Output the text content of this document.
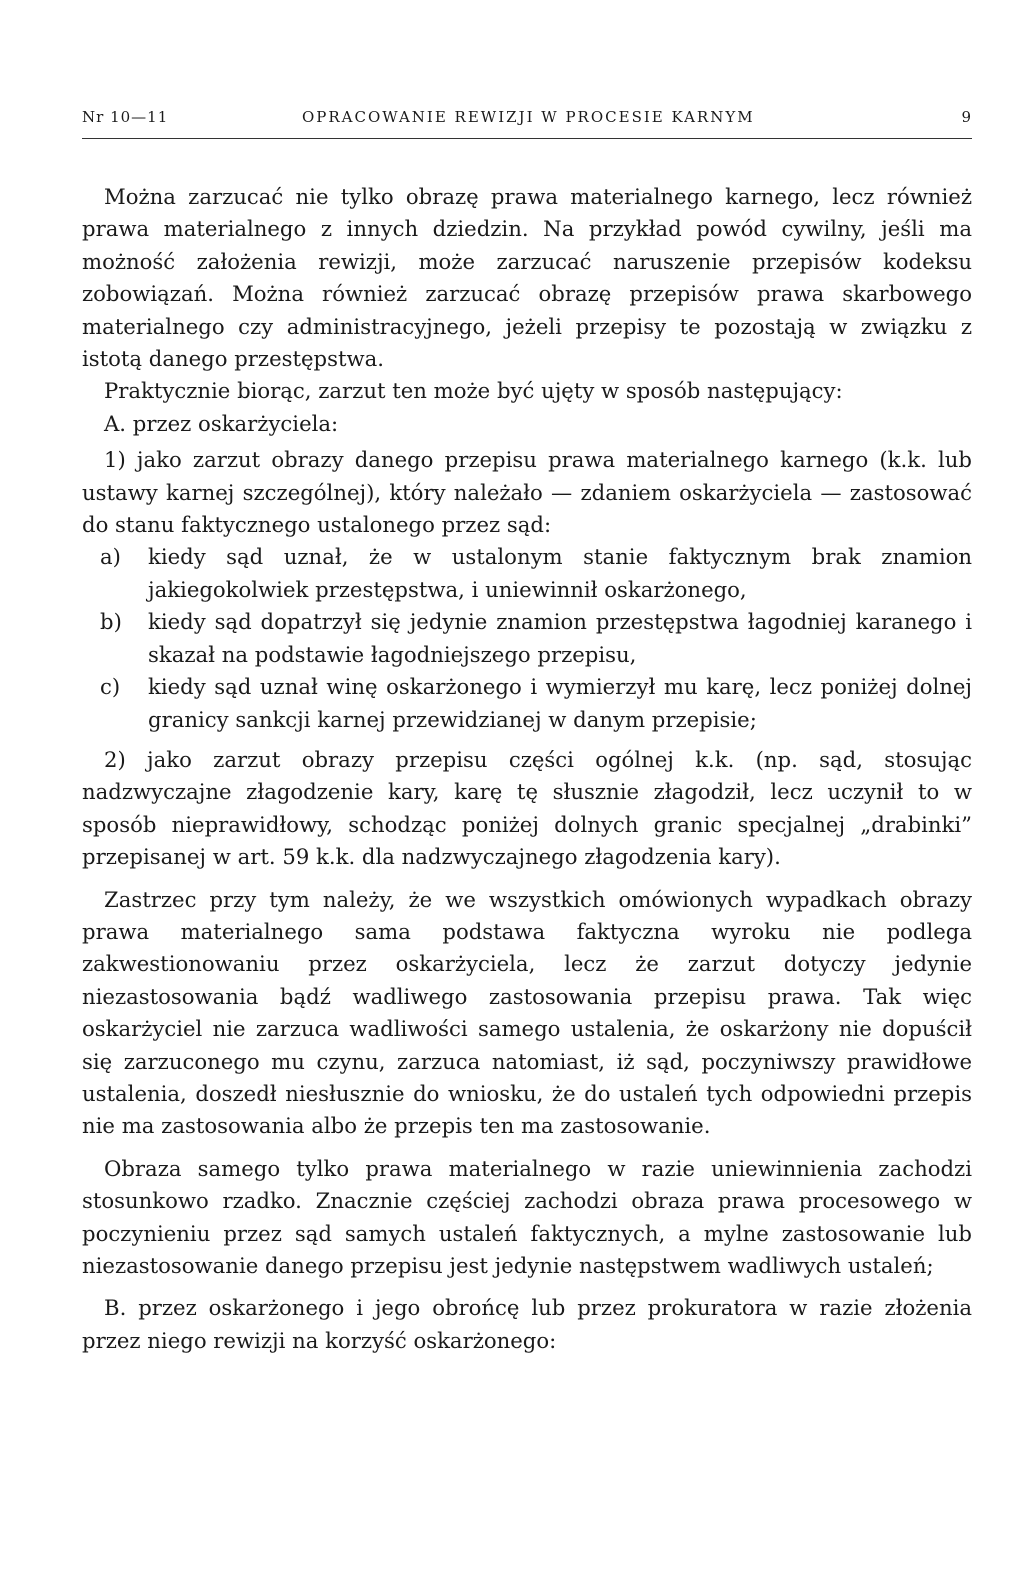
Nr 10—11	OPRACOWANIE REWIZJI W PROCESIE KARNYM	9

Można zarzucać nie tylko obrazę prawa materialnego karnego, lecz również prawa materialnego z innych dziedzin. Na przykład powód cywilny, jeśli ma możność założenia rewizji, może zarzucać naruszenie przepisów kodeksu zobowiązań. Można również zarzucać obrazę przepisów prawa skarbowego materialnego czy administracyjnego, jeżeli przepisy te pozostają w związku z istotą danego przestępstwa.

Praktycznie biorąc, zarzut ten może być ujęty w sposób następujący:

A. przez oskarżyciela:

1) jako zarzut obrazy danego przepisu prawa materialnego karnego (k.k. lub ustawy karnej szczególnej), który należało — zdaniem oskarżyciela — zastosować do stanu faktycznego ustalonego przez sąd:

a) kiedy sąd uznał, że w ustalonym stanie faktycznym brak znamion jakiegokolwiek przestępstwa, i uniewinnił oskarżonego,

b) kiedy sąd dopatrzył się jedynie znamion przestępstwa łagodniej karanego i skazał na podstawie łagodniejszego przepisu,

c) kiedy sąd uznał winę oskarżonego i wymierzył mu karę, lecz poniżej dolnej granicy sankcji karnej przewidzianej w danym przepisie;

2) jako zarzut obrazy przepisu części ogólnej k.k. (np. sąd, stosując nadzwyczajne złagodzenie kary, karę tę słusznie złagodził, lecz uczynił to w sposób nieprawidłowy, schodząc poniżej dolnych granic specjalnej „drabinki” przepisanej w art. 59 k.k. dla nadzwyczajnego złagodzenia kary).

Zastrzec przy tym należy, że we wszystkich omówionych wypadkach obrazy prawa materialnego sama podstawa faktyczna wyroku nie podlega zakwestionowaniu przez oskarżyciela, lecz że zarzut dotyczy jedynie niezastosowania bądź wadliwego zastosowania przepisu prawa. Tak więc oskarżyciel nie zarzuca wadliwości samego ustalenia, że oskarżony nie dopuścił się zarzuconego mu czynu, zarzuca natomiast, iż sąd, poczyniwszy prawidłowe ustalenia, doszedł niesłusznie do wniosku, że do ustaleń tych odpowiedni przepis nie ma zastosowania albo że przepis ten ma zastosowanie.

Obraza samego tylko prawa materialnego w razie uniewinnienia zachodzi stosunkowo rzadko. Znacznie częściej zachodzi obraza prawa procesowego w poczynieniu przez sąd samych ustaleń faktycznych, a mylne zastosowanie lub niezastosowanie danego przepisu jest jedynie następstwem wadliwych ustaleń;

B. przez oskarżonego i jego obrońcę lub przez prokuratora w razie złożenia przez niego rewizji na korzyść oskarżonego:
